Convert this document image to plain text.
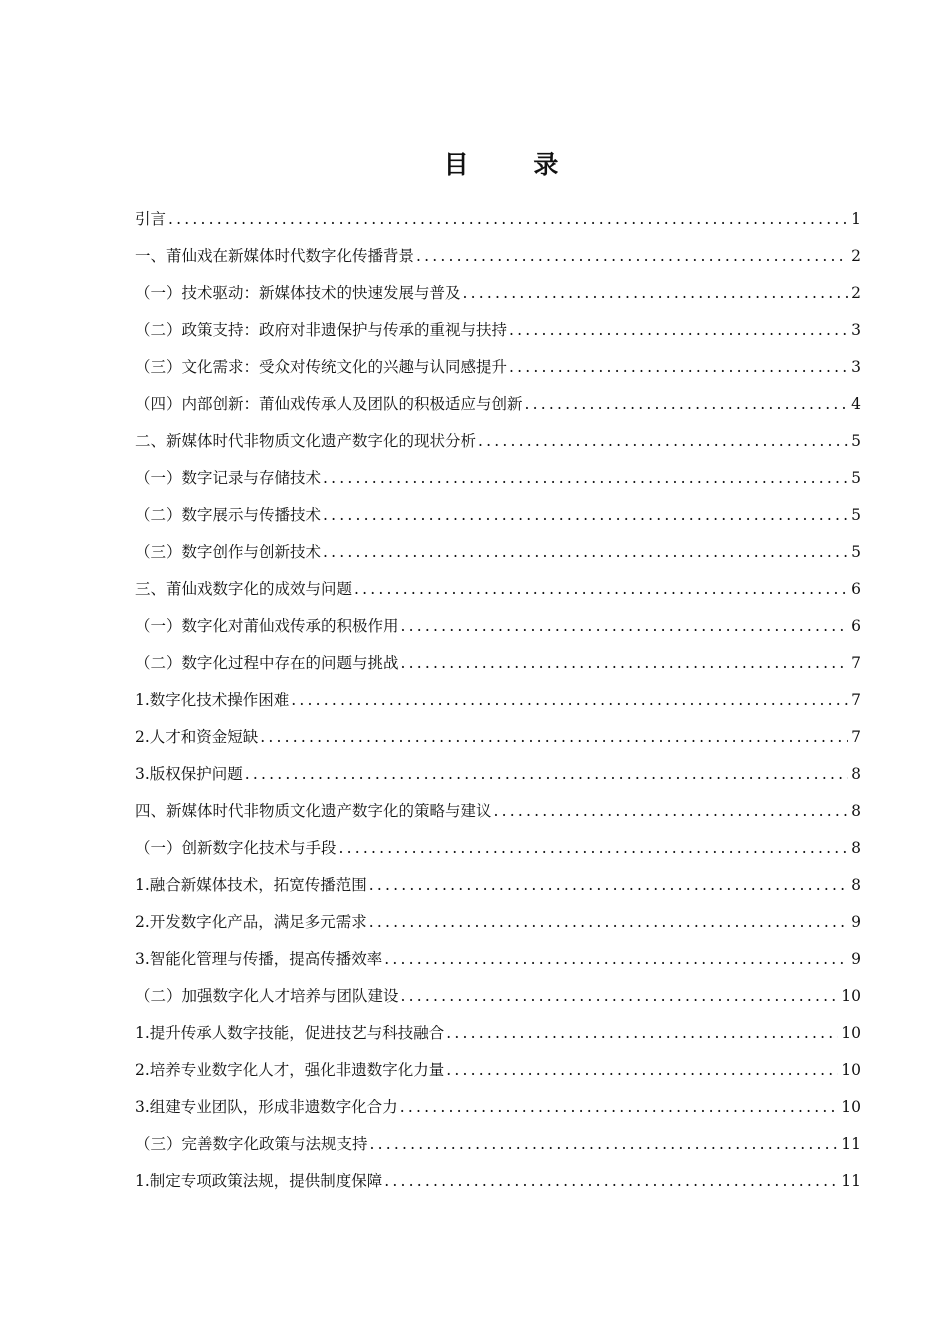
目 录
引言 .....	1
一、莆仙戏在新媒体时代数字化传播背景 .....	2
（一）技术驱动：新媒体技术的快速发展与普及 .....	2
（二）政策支持：政府对非遗保护与传承的重视与扶持 .....	3
（三）文化需求：受众对传统文化的兴趣与认同感提升 .....	3
（四）内部创新：莆仙戏传承人及团队的积极适应与创新 .....	4
二、新媒体时代非物质文化遗产数字化的现状分析 .....	5
（一）数字记录与存储技术 .....	5
（二）数字展示与传播技术 .....	5
（三）数字创作与创新技术 .....	5
三、莆仙戏数字化的成效与问题 .....	6
（一）数字化对莆仙戏传承的积极作用 .....	6
（二）数字化过程中存在的问题与挑战 .....	7
1.数字化技术操作困难 .....	7
2.人才和资金短缺 .....	7
3.版权保护问题 .....	8
四、新媒体时代非物质文化遗产数字化的策略与建议 .....	8
（一）创新数字化技术与手段 .....	8
1.融合新媒体技术，拓宽传播范围 .....	8
2.开发数字化产品，满足多元需求 .....	9
3.智能化管理与传播，提高传播效率 .....	9
（二）加强数字化人才培养与团队建设 .....	10
1.提升传承人数字技能，促进技艺与科技融合 .....	10
2.培养专业数字化人才，强化非遗数字化力量 .....	10
3.组建专业团队，形成非遗数字化合力 .....	10
（三）完善数字化政策与法规支持 .....	11
1.制定专项政策法规，提供制度保障 .....	11
